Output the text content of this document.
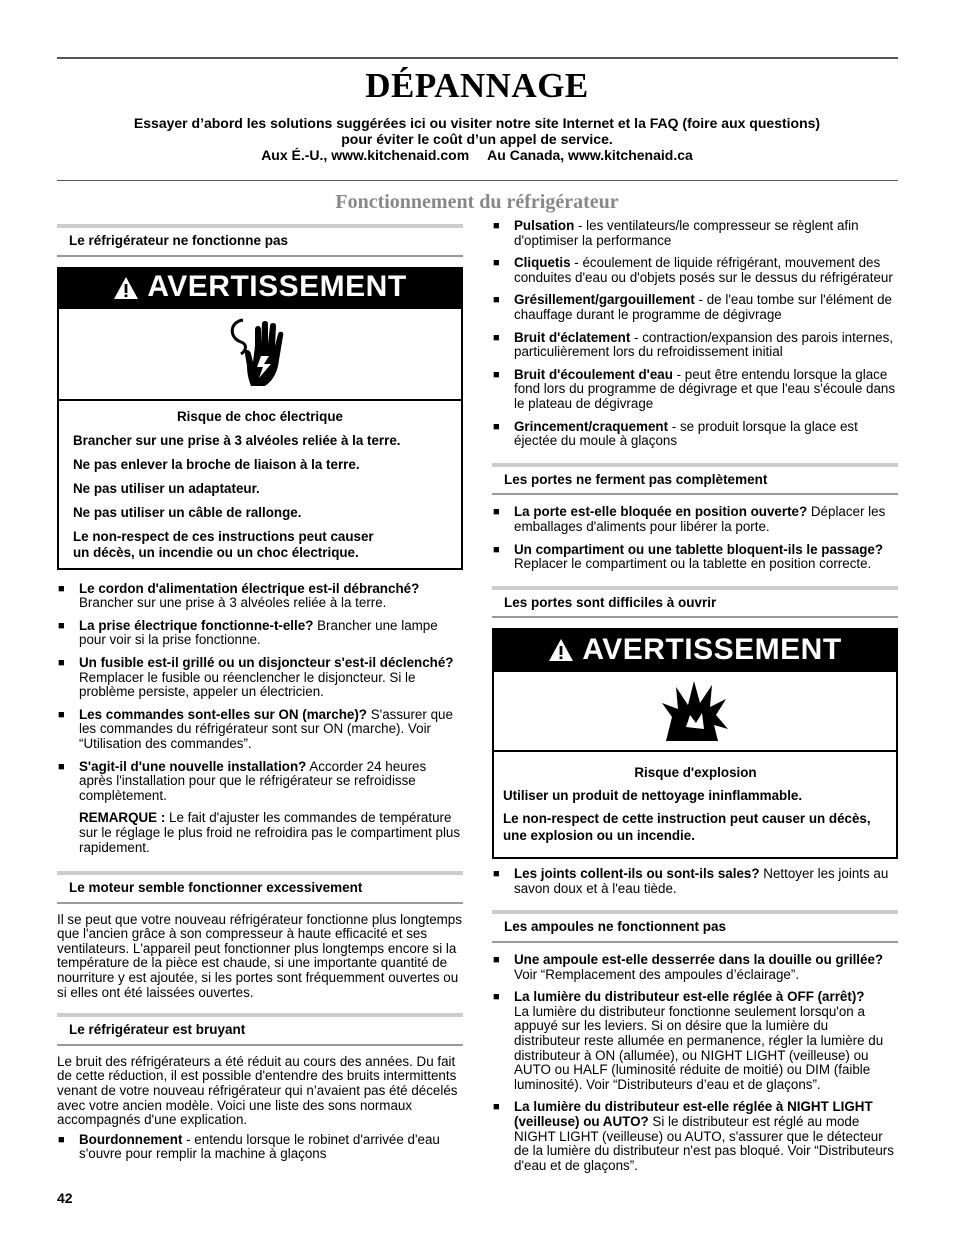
DÉPANNAGE
Essayer d’abord les solutions suggérées ici ou visiter notre site Internet et la FAQ (foire aux questions)
pour éviter le coût d’un appel de service.
Aux É.-U., www.kitchenaid.com Au Canada, www.kitchenaid.ca
Fonctionnement du réfrigérateur
Le réfrigérateur ne fonctionne pas
AVERTISSEMENT
Risque de choc électrique
Brancher sur une prise à 3 alvéoles reliée à la terre.
Ne pas enlever la broche de liaison à la terre.
Ne pas utiliser un adaptateur.
Ne pas utiliser un câble de rallonge.
Le non-respect de ces instructions peut causer
un décès, un incendie ou un choc électrique.
■	Le cordon d'alimentation électrique est-il débranché?
Brancher sur une prise à 3 alvéoles reliée à la terre.
■	La prise électrique fonctionne-t-elle? Brancher une lampe pour voir si la prise fonctionne.
■	Un fusible est-il grillé ou un disjoncteur s'est-il déclenché? Remplacer le fusible ou réenclencher le disjoncteur. Si le problème persiste, appeler un électricien.
■	Les commandes sont-elles sur ON (marche)? S'assurer que les commandes du réfrigérateur sont sur ON (marche). Voir “Utilisation des commandes”.
■	S'agit-il d'une nouvelle installation? Accorder 24 heures après l'installation pour que le réfrigérateur se refroidisse complètement.
REMARQUE : Le fait d'ajuster les commandes de température sur le réglage le plus froid ne refroidira pas le compartiment plus rapidement.
Le moteur semble fonctionner excessivement
Il se peut que votre nouveau réfrigérateur fonctionne plus longtemps que l'ancien grâce à son compresseur à haute efficacité et ses ventilateurs. L'appareil peut fonctionner plus longtemps encore si la température de la pièce est chaude, si une importante quantité de nourriture y est ajoutée, si les portes sont fréquemment ouvertes ou si elles ont été laissées ouvertes.
Le réfrigérateur est bruyant
Le bruit des réfrigérateurs a été réduit au cours des années. Du fait de cette réduction, il est possible d'entendre des bruits intermittents venant de votre nouveau réfrigérateur qui n’avaient pas été décelés avec votre ancien modèle. Voici une liste des sons normaux accompagnés d'une explication.
■	Bourdonnement - entendu lorsque le robinet d'arrivée d'eau s'ouvre pour remplir la machine à glaçons
■	Pulsation - les ventilateurs/le compresseur se règlent afin d'optimiser la performance
■	Cliquetis - écoulement de liquide réfrigérant, mouvement des conduites d'eau ou d'objets posés sur le dessus du réfrigérateur
■	Grésillement/gargouillement - de l'eau tombe sur l'élément de chauffage durant le programme de dégivrage
■	Bruit d'éclatement - contraction/expansion des parois internes, particulièrement lors du refroidissement initial
■	Bruit d'écoulement d'eau - peut être entendu lorsque la glace fond lors du programme de dégivrage et que l'eau s'écoule dans le plateau de dégivrage
■	Grincement/craquement - se produit lorsque la glace est éjectée du moule à glaçons
Les portes ne ferment pas complètement
■	La porte est-elle bloquée en position ouverte? Déplacer les emballages d'aliments pour libérer la porte.
■	Un compartiment ou une tablette bloquent-ils le passage?
Replacer le compartiment ou la tablette en position correcte.
Les portes sont difficiles à ouvrir
AVERTISSEMENT
Risque d'explosion
Utiliser un produit de nettoyage ininflammable.
Le non-respect de cette instruction peut causer un décès, une explosion ou un incendie.
■	Les joints collent-ils ou sont-ils sales? Nettoyer les joints au savon doux et à l'eau tiède.
Les ampoules ne fonctionnent pas
■	Une ampoule est-elle desserrée dans la douille ou grillée?
Voir “Remplacement des ampoules d’éclairage”.
■	La lumière du distributeur est-elle réglée à OFF (arrêt)?
La lumière du distributeur fonctionne seulement lorsqu'on a appuyé sur les leviers. Si on désire que la lumière du distributeur reste allumée en permanence, régler la lumière du distributeur à ON (allumée), ou NIGHT LIGHT (veilleuse) ou AUTO ou HALF (luminosité réduite de moitié) ou DIM (faible luminosité). Voir “Distributeurs d’eau et de glaçons”.
■	La lumière du distributeur est-elle réglée à NIGHT LIGHT (veilleuse) ou AUTO? Si le distributeur est réglé au mode NIGHT LIGHT (veilleuse) ou AUTO, s'assurer que le détecteur de la lumière du distributeur n'est pas bloqué. Voir “Distributeurs d'eau et de glaçons”.
42
